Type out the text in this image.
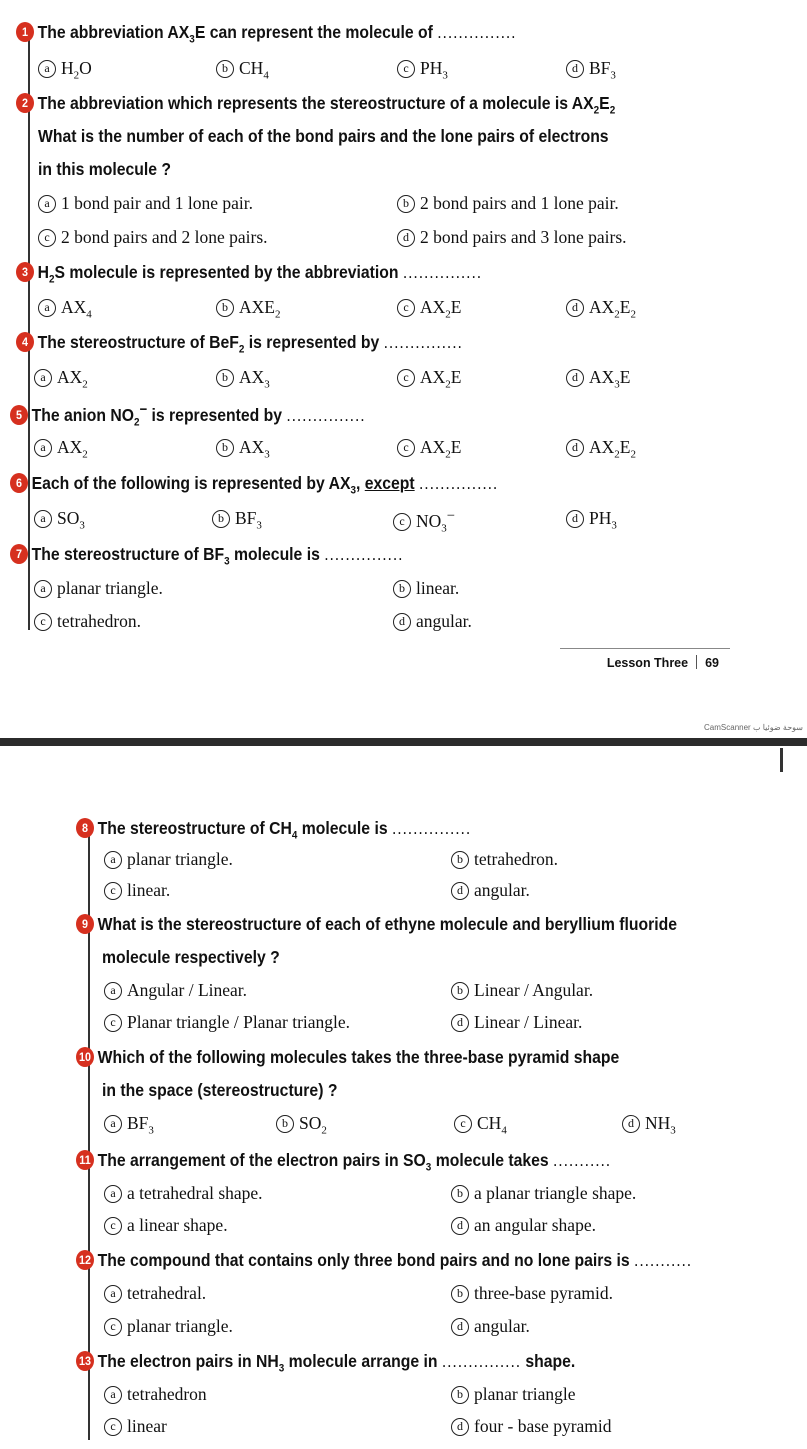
1 The abbreviation $AX_3E$ can represent the molecule of ...............
a $H_2O$	b $CH_4$
c $PH_3$
d $BF_3$
2 The abbreviation which represents the stereostructure of a molecule is $AX_2E_2$
What is the number of each of the bond pairs and the lone pairs of electrons
in this molecule ?
a 1 bond pair and 1 lone pair.	b 2 bond pairs and 1 lone pair.
c 2 bond pairs and 2 lone pairs.	d 2 bond pairs and 3 lone pairs.
3 $H_2S$ molecule is represented by the abbreviation ...............
a $AX_4$
b $AXE_2$
c $AX_2E$	d $AX_2E_2$
4 The stereostructure of BeF$_2$ is represented by ...............
a $AX_2$
b $AX_3$
c $AX_2E$	d $AX_3E$
5 The anion $NO_2^-$ is represented by ...............
a $AX_2$
b $AX_3$
c $AX_2E$	d $AX_2E_2$
6 Each of the following is represented by $AX_3$, except ...............
a $SO_3$
b $BF_3$	c $NO_3^-$	d $PH_3$
7 The stereostructure of $BF_3$ molecule is ...............
a planar triangle.	b linear.
c tetrahedron.	d angular.
Lesson Three 69
CamScanner سوحة ضوئيا ب
8 The stereostructure of $CH_4$ molecule is ...............
a planar triangle.	b tetrahedron.
c linear.	d angular.
9 What is the stereostructure of each of ethyne molecule and beryllium fluoride
molecule respectively ?
a Angular / Linear.	b Linear / Angular.
c Planar triangle / Planar triangle.	d Linear / Linear.
10 Which of the following molecules takes the three-base pyramid shape
in the space (stereostructure) ?
a $BF_3$
b $SO_2$
c $CH_4$
d $NH_3$
11 The arrangement of the electron pairs in $SO_3$ molecule takes ...........
a a tetrahedral shape.	b a planar triangle shape.
c a linear shape.	d an angular shape.
12 The compound that contains only three bond pairs and no lone pairs is ...........
a tetrahedral.	b three-base pyramid.
c planar triangle.	d angular.
13 The electron pairs in $NH_3$ molecule arrange in ............... shape.
a tetrahedron	b planar triangle
c linear	d four - base pyramid
